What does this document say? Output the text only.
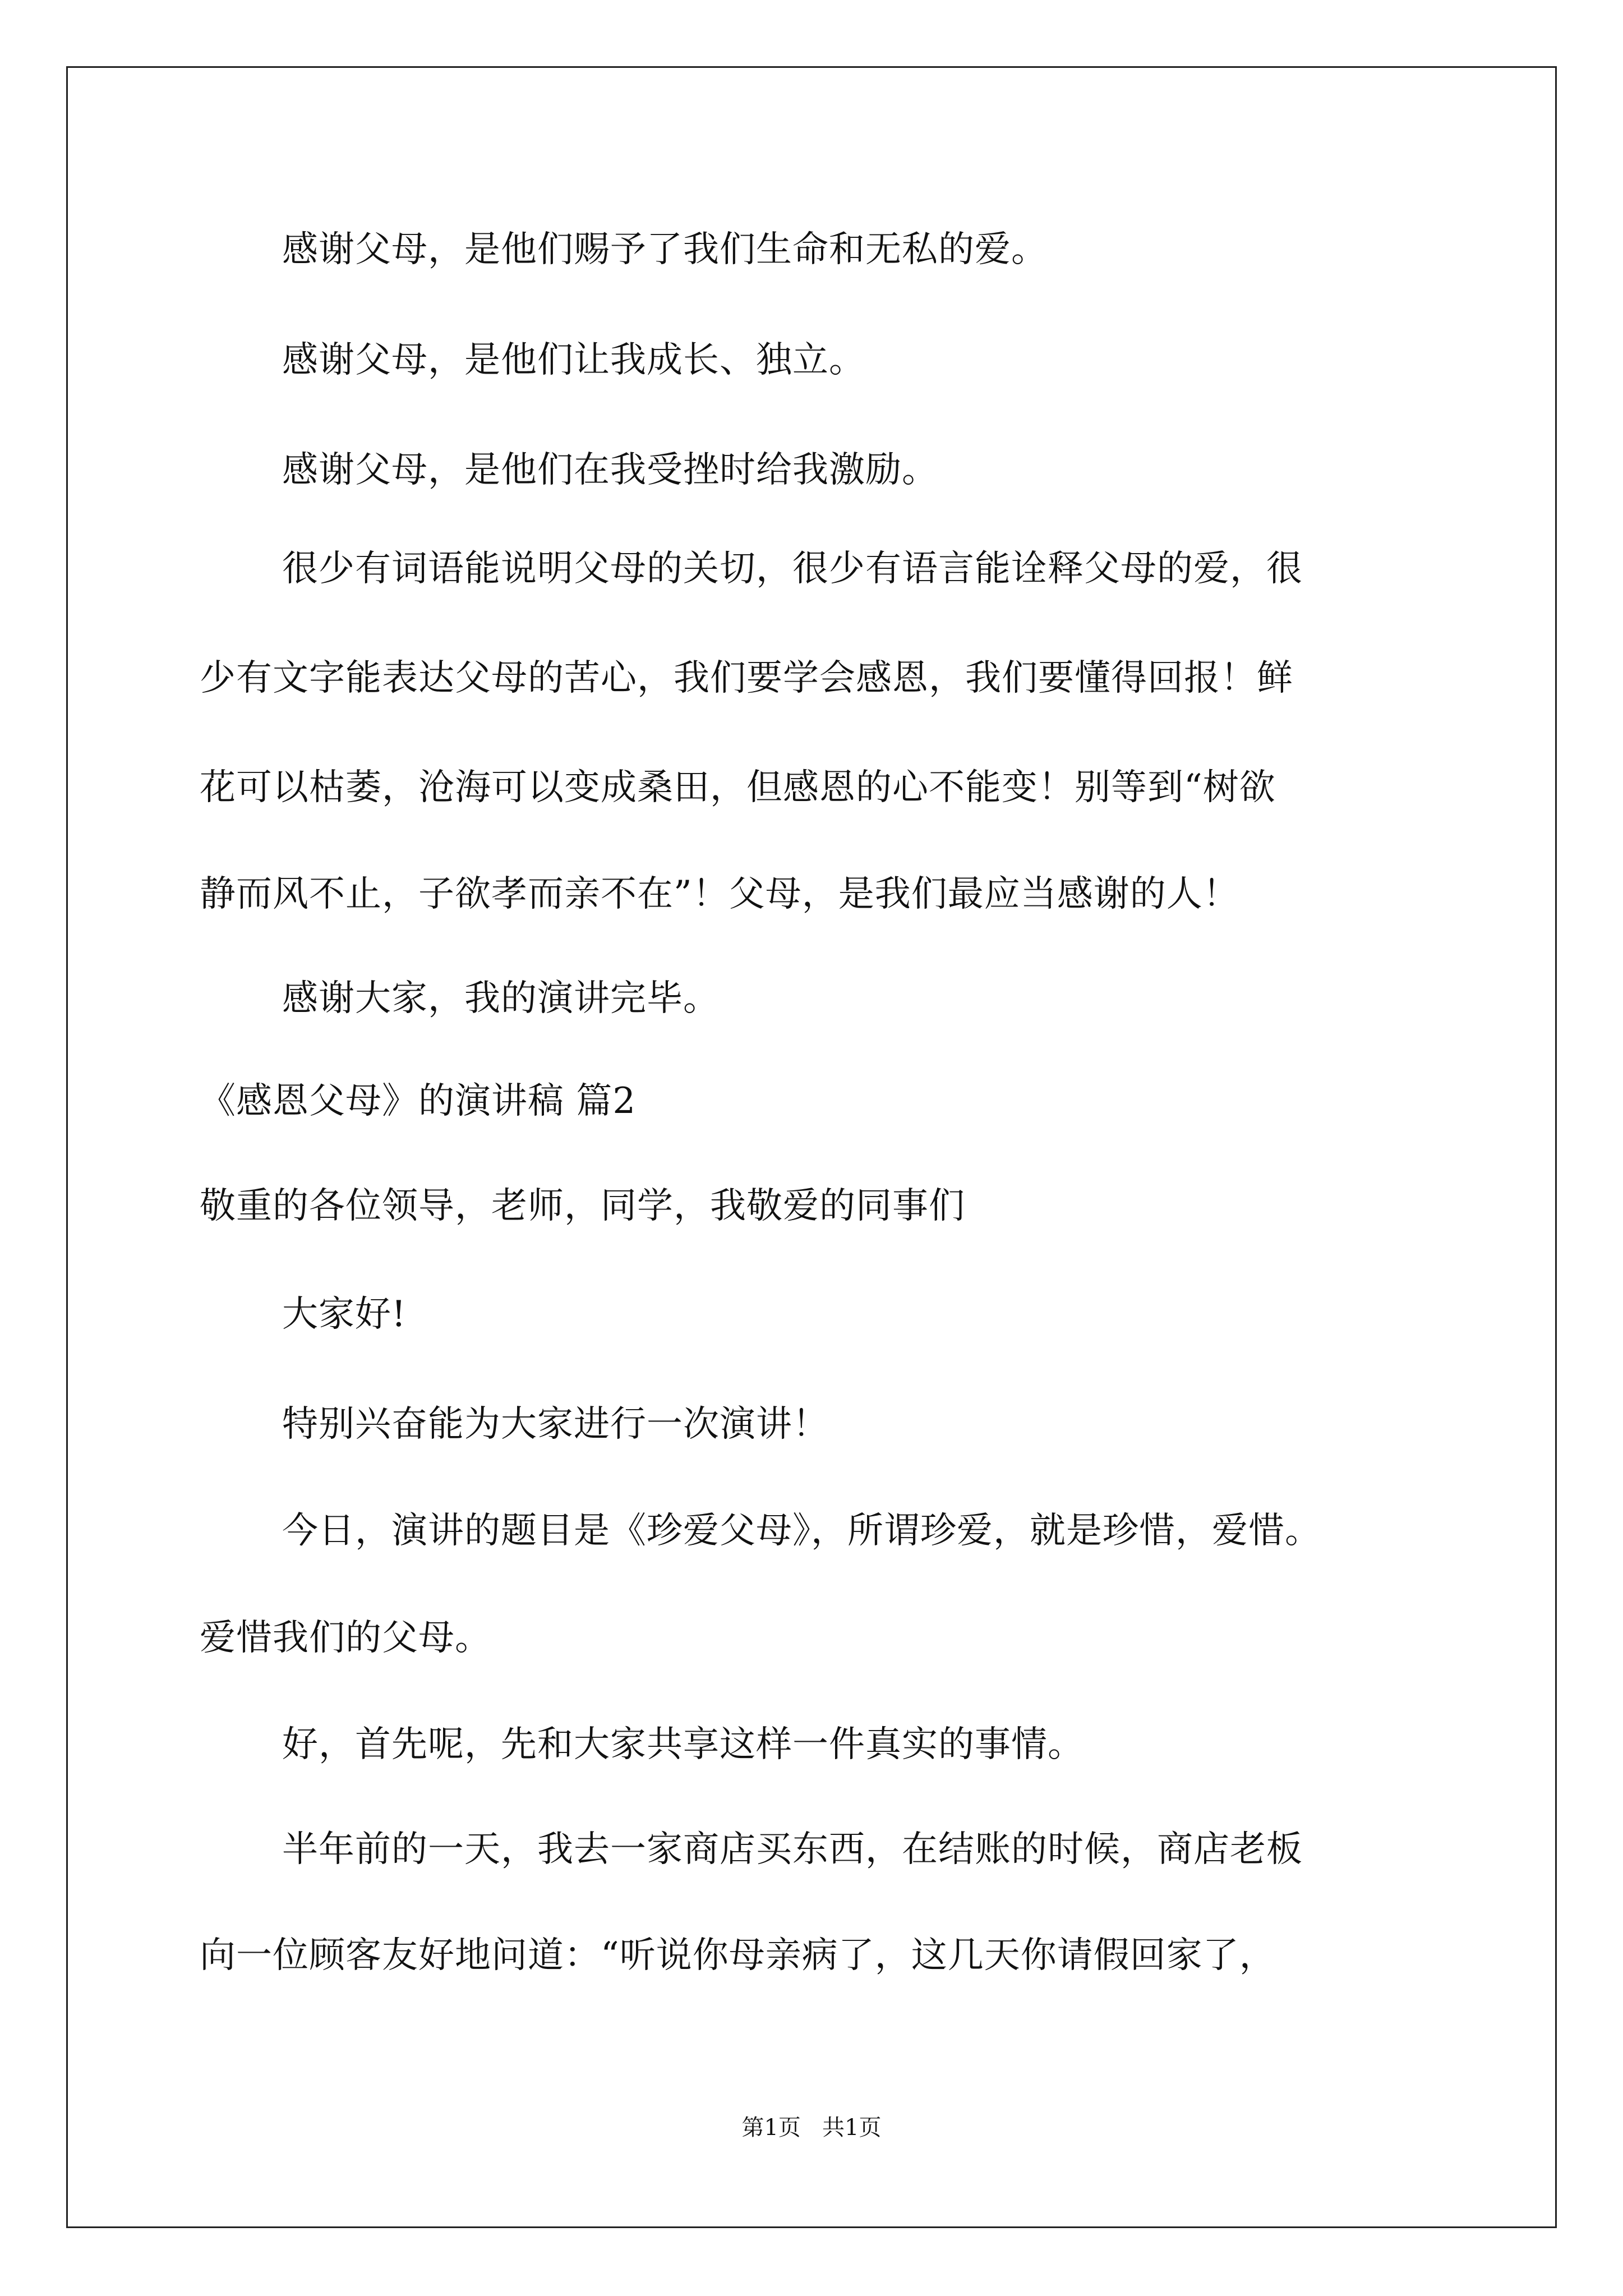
感谢父母，是他们赐予了我们生命和无私的爱。
感谢父母，是他们让我成长、独立。
感谢父母，是他们在我受挫时给我激励。
很少有词语能说明父母的关切，很少有语言能诠释父母的爱，很
少有文字能表达父母的苦心，我们要学会感恩，我们要懂得回报！鲜
花可以枯萎，沧海可以变成桑田，但感恩的心不能变！别等到“树欲
静而风不止，子欲孝而亲不在”！父母，是我们最应当感谢的人！
感谢大家，我的演讲完毕。
《感恩父母》的演讲稿 篇2
敬重的各位领导，老师，同学，我敬爱的同事们
大家好!
特别兴奋能为大家进行一次演讲！
今日，演讲的题目是《珍爱父母》，所谓珍爱，就是珍惜，爱惜。
爱惜我们的父母。
好，首先呢，先和大家共享这样一件真实的事情。
半年前的一天，我去一家商店买东西，在结账的时候，商店老板
向一位顾客友好地问道：“听说你母亲病了，这几天你请假回家了，
第1页   共1页
